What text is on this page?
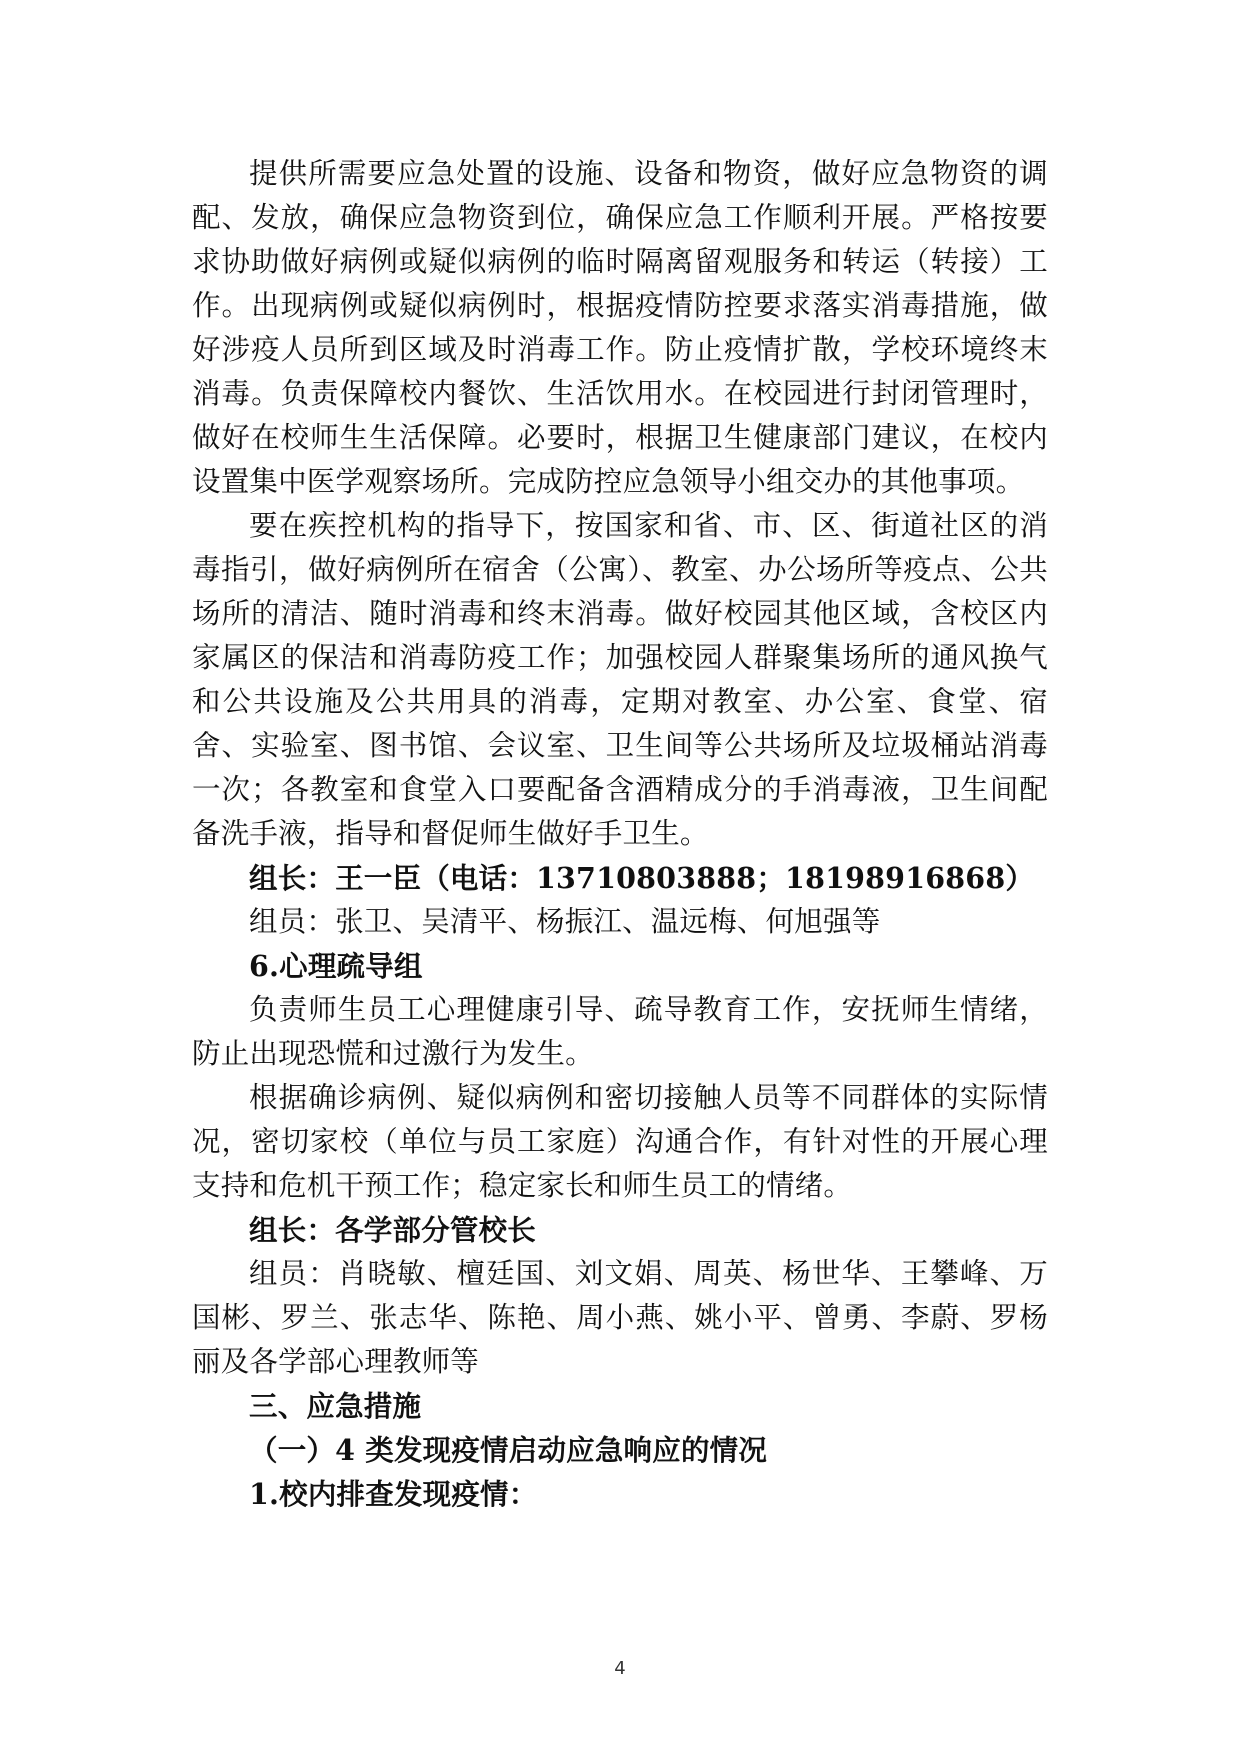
提供所需要应急处置的设施、设备和物资，做好应急物资的调配、发放，确保应急物资到位，确保应急工作顺利开展。严格按要求协助做好病例或疑似病例的临时隔离留观服务和转运（转接）工作。出现病例或疑似病例时，根据疫情防控要求落实消毒措施，做好涉疫人员所到区域及时消毒工作。防止疫情扩散，学校环境终末消毒。负责保障校内餐饮、生活饮用水。在校园进行封闭管理时，做好在校师生生活保障。必要时，根据卫生健康部门建议，在校内设置集中医学观察场所。完成防控应急领导小组交办的其他事项。

要在疾控机构的指导下，按国家和省、市、区、街道社区的消毒指引，做好病例所在宿舍（公寓）、教室、办公场所等疫点、公共场所的清洁、随时消毒和终末消毒。做好校园其他区域，含校区内家属区的保洁和消毒防疫工作；加强校园人群聚集场所的通风换气和公共设施及公共用具的消毒，定期对教室、办公室、食堂、宿舍、实验室、图书馆、会议室、卫生间等公共场所及垃圾桶站消毒一次；各教室和食堂入口要配备含酒精成分的手消毒液，卫生间配备洗手液，指导和督促师生做好手卫生。

组长：王一臣（电话：13710803888；18198916868）

组员：张卫、吴清平、杨振江、温远梅、何旭强等

6.心理疏导组

负责师生员工心理健康引导、疏导教育工作，安抚师生情绪，防止出现恐慌和过激行为发生。

根据确诊病例、疑似病例和密切接触人员等不同群体的实际情况，密切家校（单位与员工家庭）沟通合作，有针对性的开展心理支持和危机干预工作；稳定家长和师生员工的情绪。

组长：各学部分管校长

组员：肖晓敏、檀廷国、刘文娟、周英、杨世华、王攀峰、万国彬、罗兰、张志华、陈艳、周小燕、姚小平、曾勇、李蔚、罗杨丽及各学部心理教师等

三、应急措施

（一）4 类发现疫情启动应急响应的情况

1.校内排查发现疫情：

4
